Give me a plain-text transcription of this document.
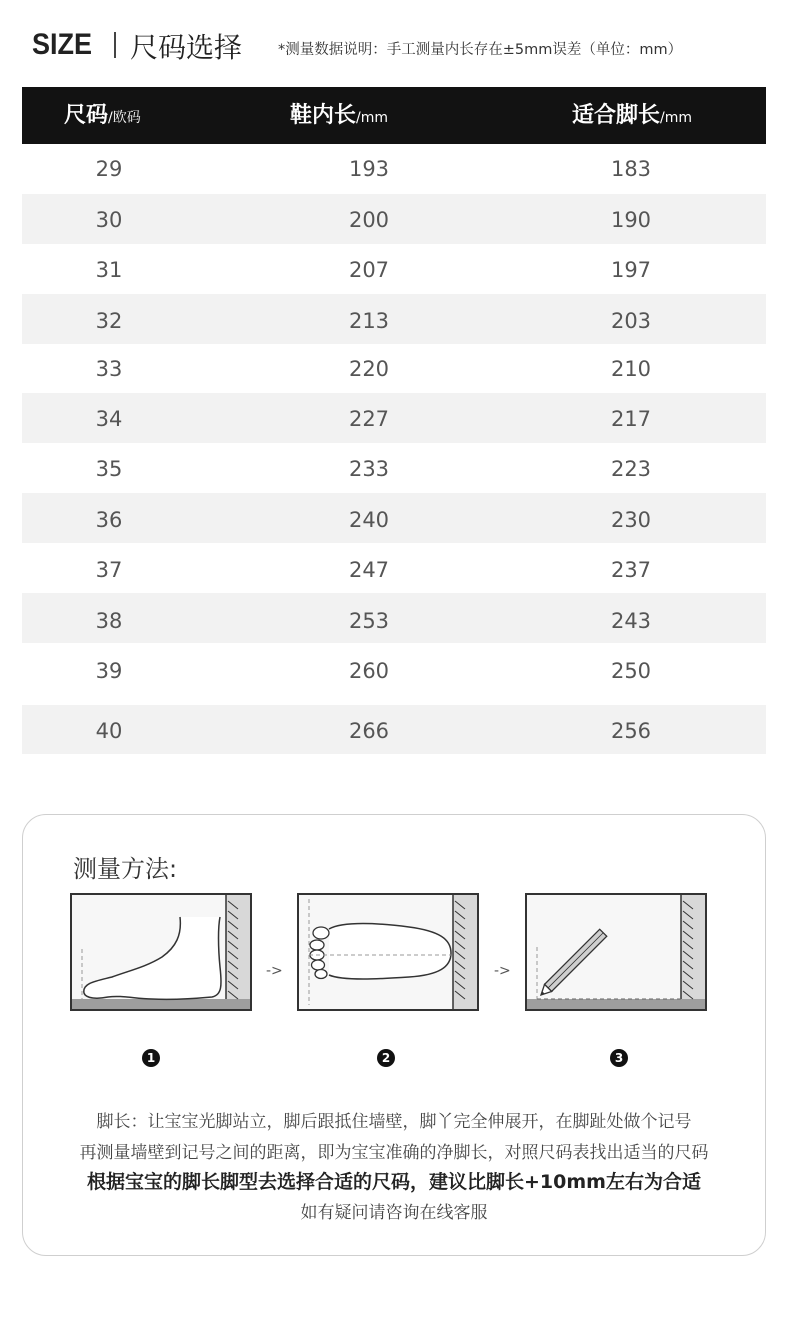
SIZE 尺码选择 *测量数据说明：手工测量内长存在±5mm误差（单位：mm）
尺码/欧码	鞋内长/mm	适合脚长/mm
29	193	183
30	200	190
31	207	197
32	213	203
33	220	210
34	227	217
35	233	223
36	240	230
37	247	237
38	253	243
39	260	250
40	266	256
测量方法:
->	->
1	2	3
脚长：让宝宝光脚站立，脚后跟抵住墙壁，脚丫完全伸展开，在脚趾处做个记号
再测量墙壁到记号之间的距离，即为宝宝准确的净脚长，对照尺码表找出适当的尺码
根据宝宝的脚长脚型去选择合适的尺码，建议比脚长+10mm左右为合适
如有疑问请咨询在线客服
